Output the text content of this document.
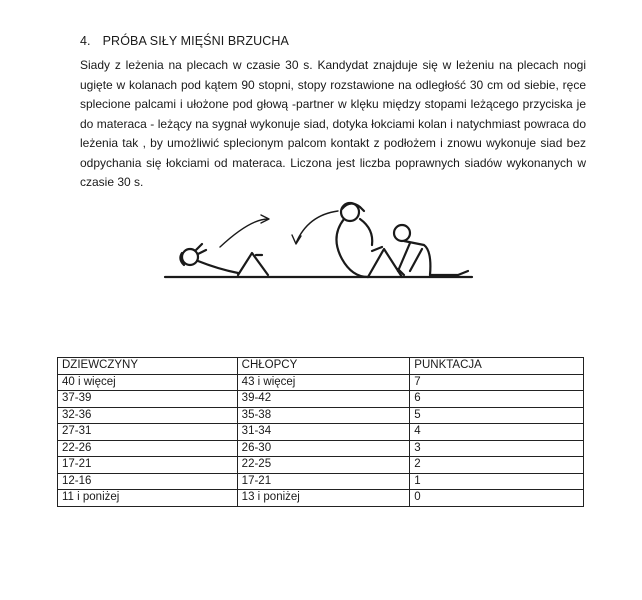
4. PRÓBA SIŁY MIĘŚNI BRZUCHA

Siady z leżenia na plecach w czasie 30 s. Kandydat znajduje się w leżeniu na plecach nogi ugięte w kolanach pod kątem 90 stopni, stopy rozstawione na odległość 30 cm od siebie, ręce splecione palcami i ułożone pod głową -partner w klęku między stopami leżącego przyciska je do materaca - leżący na sygnał wykonuje siad, dotyka łokciami kolan i natychmiast powraca do leżenia tak , by umożliwić splecionym palcom kontakt z podłożem i znowu wykonuje siad bez odpychania się łokciami od materaca. Liczona jest liczba poprawnych siadów wykonanych w czasie 30 s.

DZIEWCZYNY	CHŁOPCY	PUNKTACJA
40 i więcej	43 i więcej	7
37-39	39-42	6
32-36	35-38	5
27-31	31-34	4
22-26	26-30	3
17-21	22-25	2
12-16	17-21	1
11 i poniżej	13 i poniżej	0
